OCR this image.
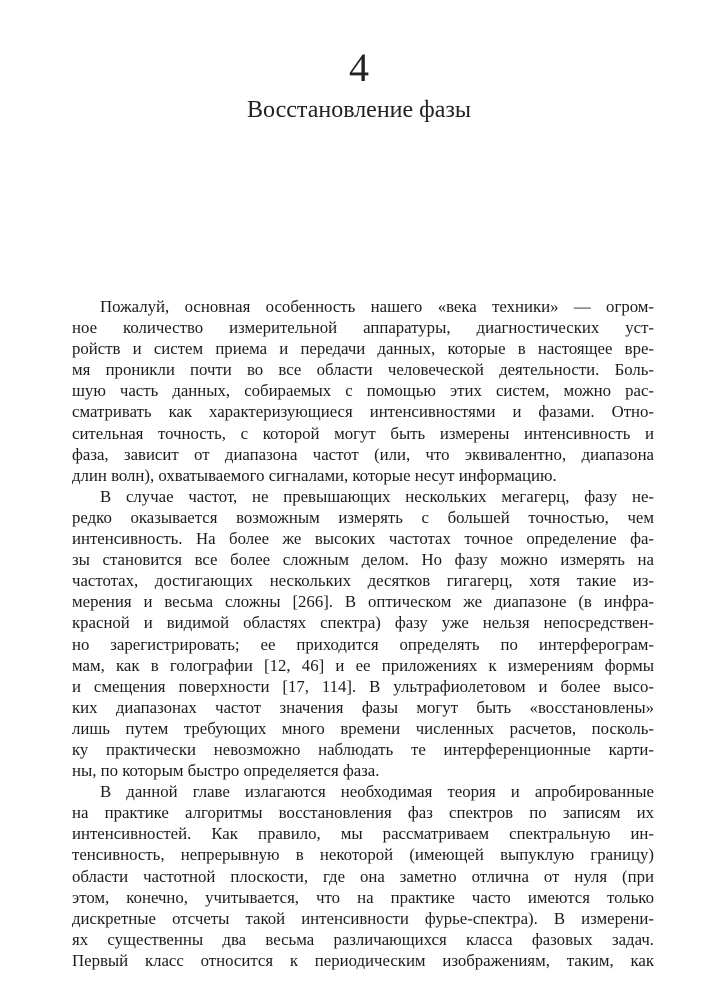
4
Восстановление фазы
Пожалуй, основная особенность нашего «века техники» — огром-
ное количество измерительной аппаратуры, диагностических уст-
ройств и систем приема и передачи данных, которые в настоящее вре-
мя проникли почти во все области человеческой деятельности. Боль-
шую часть данных, собираемых с помощью этих систем, можно рас-
сматривать как характеризующиеся интенсивностями и фазами. Отно-
сительная точность, с которой могут быть измерены интенсивность и
фаза, зависит от диапазона частот (или, что эквивалентно, диапазона
длин волн), охватываемого сигналами, которые несут информацию.
В случае частот, не превышающих нескольких мегагерц, фазу не-
редко оказывается возможным измерять с большей точностью, чем
интенсивность. На более же высоких частотах точное определение фа-
зы становится все более сложным делом. Но фазу можно измерять на
частотах, достигающих нескольких десятков гигагерц, хотя такие из-
мерения и весьма сложны [266]. В оптическом же диапазоне (в инфра-
красной и видимой областях спектра) фазу уже нельзя непосредствен-
но зарегистрировать; ее приходится определять по интерферограм-
мам, как в голографии [12, 46] и ее приложениях к измерениям формы
и смещения поверхности [17, 114]. В ультрафиолетовом и более высо-
ких диапазонах частот значения фазы могут быть «восстановлены»
лишь путем требующих много времени численных расчетов, посколь-
ку практически невозможно наблюдать те интерференционные карти-
ны, по которым быстро определяется фаза.
В данной главе излагаются необходимая теория и апробированные
на практике алгоритмы восстановления фаз спектров по записям их
интенсивностей. Как правило, мы рассматриваем спектральную ин-
тенсивность, непрерывную в некоторой (имеющей выпуклую границу)
области частотной плоскости, где она заметно отлична от нуля (при
этом, конечно, учитывается, что на практике часто имеются только
дискретные отсчеты такой интенсивности фурье-спектра). В измерени-
ях существенны два весьма различающихся класса фазовых задач.
Первый класс относится к периодическим изображениям, таким, как
